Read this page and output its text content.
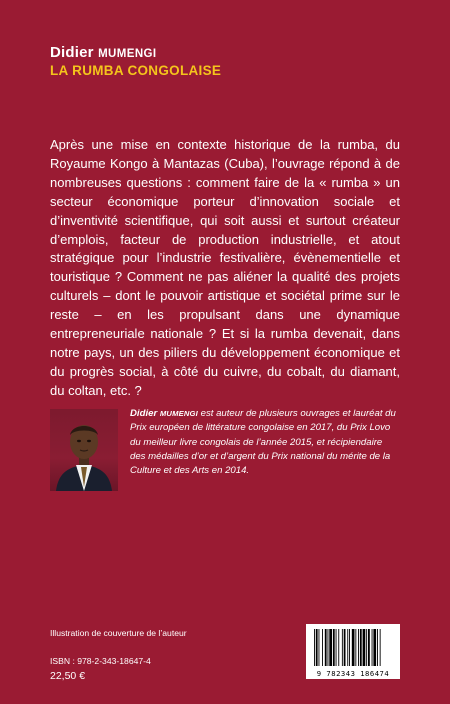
Didier MUMENGI
LA RUMBA CONGOLAISE

Après une mise en contexte historique de la rumba, du Royaume Kongo à Mantazas (Cuba), l’ouvrage répond à de nombreuses questions : comment faire de la « rumba » un secteur économique porteur d’innovation sociale et d’inventivité scientifique, qui soit aussi et surtout créateur d’emplois, facteur de production industrielle, et atout stratégique pour l’industrie festivalière, évènementielle et touristique ? Comment ne pas aliéner la qualité des projets culturels – dont le pouvoir artistique et sociétal prime sur le reste – en les propulsant dans une dynamique entrepreneuriale nationale ? Et si la rumba devenait, dans notre pays, un des piliers du développement économique et du progrès social, à côté du cuivre, du cobalt, du diamant, du coltan, etc. ?

Didier MUMENGI est auteur de plusieurs ouvrages et lauréat du Prix européen de littérature congolaise en 2017, du Prix Lovo du meilleur livre congolais de l’année 2015, et récipiendaire des médailles d’or et d’argent du Prix national du mérite de la Culture et des Arts en 2014.

Illustration de couverture de l’auteur
ISBN : 978-2-343-18647-4
22,50 €	9 782343 186474
